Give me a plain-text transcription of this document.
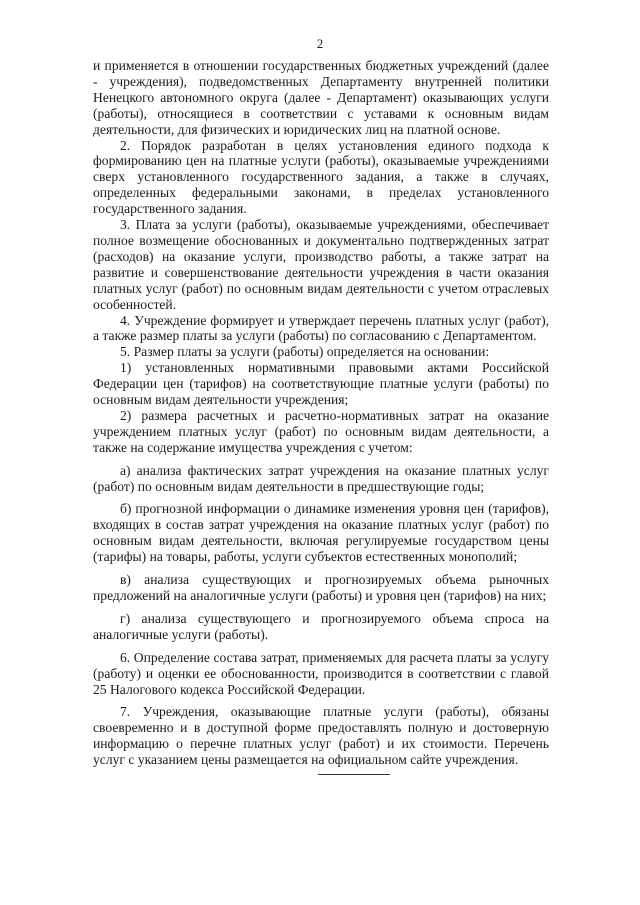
2

и применяется в отношении государственных бюджетных учреждений (далее - учреждения), подведомственных Департаменту внутренней политики Ненецкого автономного округа (далее - Департамент) оказывающих услуги (работы), относящиеся в соответствии с уставами к основным видам деятельности, для физических и юридических лиц на платной основе.

2. Порядок разработан в целях установления единого подхода к формированию цен на платные услуги (работы), оказываемые учреждениями сверх установленного государственного задания, а также в случаях, определенных федеральными законами, в пределах установленного государственного задания.

3. Плата за услуги (работы), оказываемые учреждениями, обеспечивает полное возмещение обоснованных и документально подтвержденных затрат (расходов) на оказание услуги, производство работы, а также затрат на развитие и совершенствование деятельности учреждения в части оказания платных услуг (работ) по основным видам деятельности с учетом отраслевых особенностей.

4. Учреждение формирует и утверждает перечень платных услуг (работ), а также размер платы за услуги (работы) по согласованию с Департаментом.

5. Размер платы за услуги (работы) определяется на основании:

1) установленных нормативными правовыми актами Российской Федерации цен (тарифов) на соответствующие платные услуги (работы) по основным видам деятельности учреждения;

2) размера расчетных и расчетно-нормативных затрат на оказание учреждением платных услуг (работ) по основным видам деятельности, а также на содержание имущества учреждения с учетом:

а) анализа фактических затрат учреждения на оказание платных услуг (работ) по основным видам деятельности в предшествующие годы;

б) прогнозной информации о динамике изменения уровня цен (тарифов), входящих в состав затрат учреждения на оказание платных услуг (работ) по основным видам деятельности, включая регулируемые государством цены (тарифы) на товары, работы, услуги субъектов естественных монополий;

в) анализа существующих и прогнозируемых объема рыночных предложений на аналогичные услуги (работы) и уровня цен (тарифов) на них;

г) анализа существующего и прогнозируемого объема спроса на аналогичные услуги (работы).

6. Определение состава затрат, применяемых для расчета платы за услугу (работу) и оценки ее обоснованности, производится в соответствии с главой 25 Налогового кодекса Российской Федерации.

7. Учреждения, оказывающие платные услуги (работы), обязаны своевременно и в доступной форме предоставлять полную и достоверную информацию о перечне платных услуг (работ) и их стоимости. Перечень услуг с указанием цены размещается на официальном сайте учреждения.
